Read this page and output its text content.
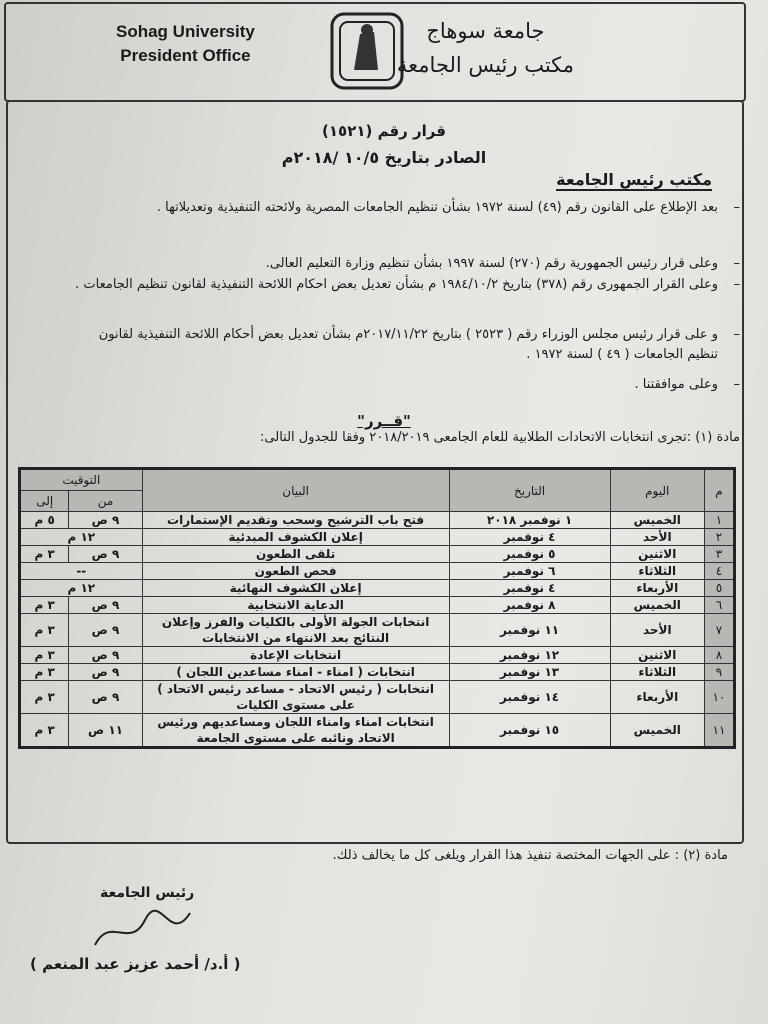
Sohag University
President Office
جامعة سوهاج
مكتب رئيس الجامعة
قرار رقم (١٥٢١)
الصادر بتاريخ ١٠/٥ /٢٠١٨م
مكتب رئيس الجامعة
– بعد الإطلاع على القانون رقم (٤٩) لسنة ١٩٧٢ بشأن تنظيم الجامعات المصرية ولائحته التنفيذية وتعديلاتها .
– وعلى قرار رئيس الجمهورية رقم (٢٧٠) لسنة ١٩٩٧ بشأن تنظيم وزارة التعليم العالى.
– وعلى القرار الجمهورى رقم (٣٧٨) بتاريخ ١٩٨٤/١٠/٢ م بشأن تعديل بعض احكام اللائحة التنفيذية لقانون تنظيم الجامعات .
– و على قرار رئيس مجلس الوزراء رقم ( ٢٥٢٣ ) بتاريخ ٢٠١٧/١١/٢٢م بشأن تعديل بعض أحكام اللائحة التنفيذية لقانون تنظيم الجامعات ( ٤٩ ) لسنة ١٩٧٢ .
– وعلى موافقتنا .
"قــرر"
مادة (١) :تجرى انتخابات الاتحادات الطلابية للعام الجامعى ٢٠١٨/٢٠١٩ وفقا للجدول التالى:
م	اليوم	التاريخ	البيان	التوقيت	
				من	إلى
١	الخميس	١ نوفمبر ٢٠١٨	فتح باب الترشيح وسحب وتقديم الإستمارات	٩ ص	٥ م
٢	الأحد	٤ نوفمبر	إعلان الكشوف المبدئية	١٢ م	
٣	الاثنين	٥ نوفمبر	تلقى الطعون	٩ ص	٣ م
٤	الثلاثاء	٦ نوفمبر	فحص الطعون	--	
٥	الأربعاء	٤ نوفمبر	إعلان الكشوف النهائية	١٢ م	
٦	الخميس	٨ نوفمبر	الدعاية الانتخابية	٩ ص	٣ م
٧	الأحد	١١ نوفمبر	انتخابات الجولة الأولى بالكليات والفرز وإعلان النتائج بعد الانتهاء من الانتخابات	٩ ص	٣ م
٨	الاثنين	١٢ نوفمبر	انتخابات الإعادة	٩ ص	٣ م
٩	الثلاثاء	١٣ نوفمبر	انتخابات ( امناء - امناء مساعدين اللجان )	٩ ص	٣ م
١٠	الأربعاء	١٤ نوفمبر	انتخابات ( رئيس الاتحاد - مساعد رئيس الاتحاد ) على مستوى الكليات	٩ ص	٣ م
١١	الخميس	١٥ نوفمبر	انتخابات امناء وامناء اللجان ومساعديهم ورئيس الاتحاد ونائبه على مستوى الجامعة	١١ ص	٣ م
مادة (٢) : على الجهات المختصة تنفيذ هذا القرار ويلغى كل ما يخالف ذلك.
رئيس الجامعة
( أ.د/ أحمد عزيز عبد المنعم )
